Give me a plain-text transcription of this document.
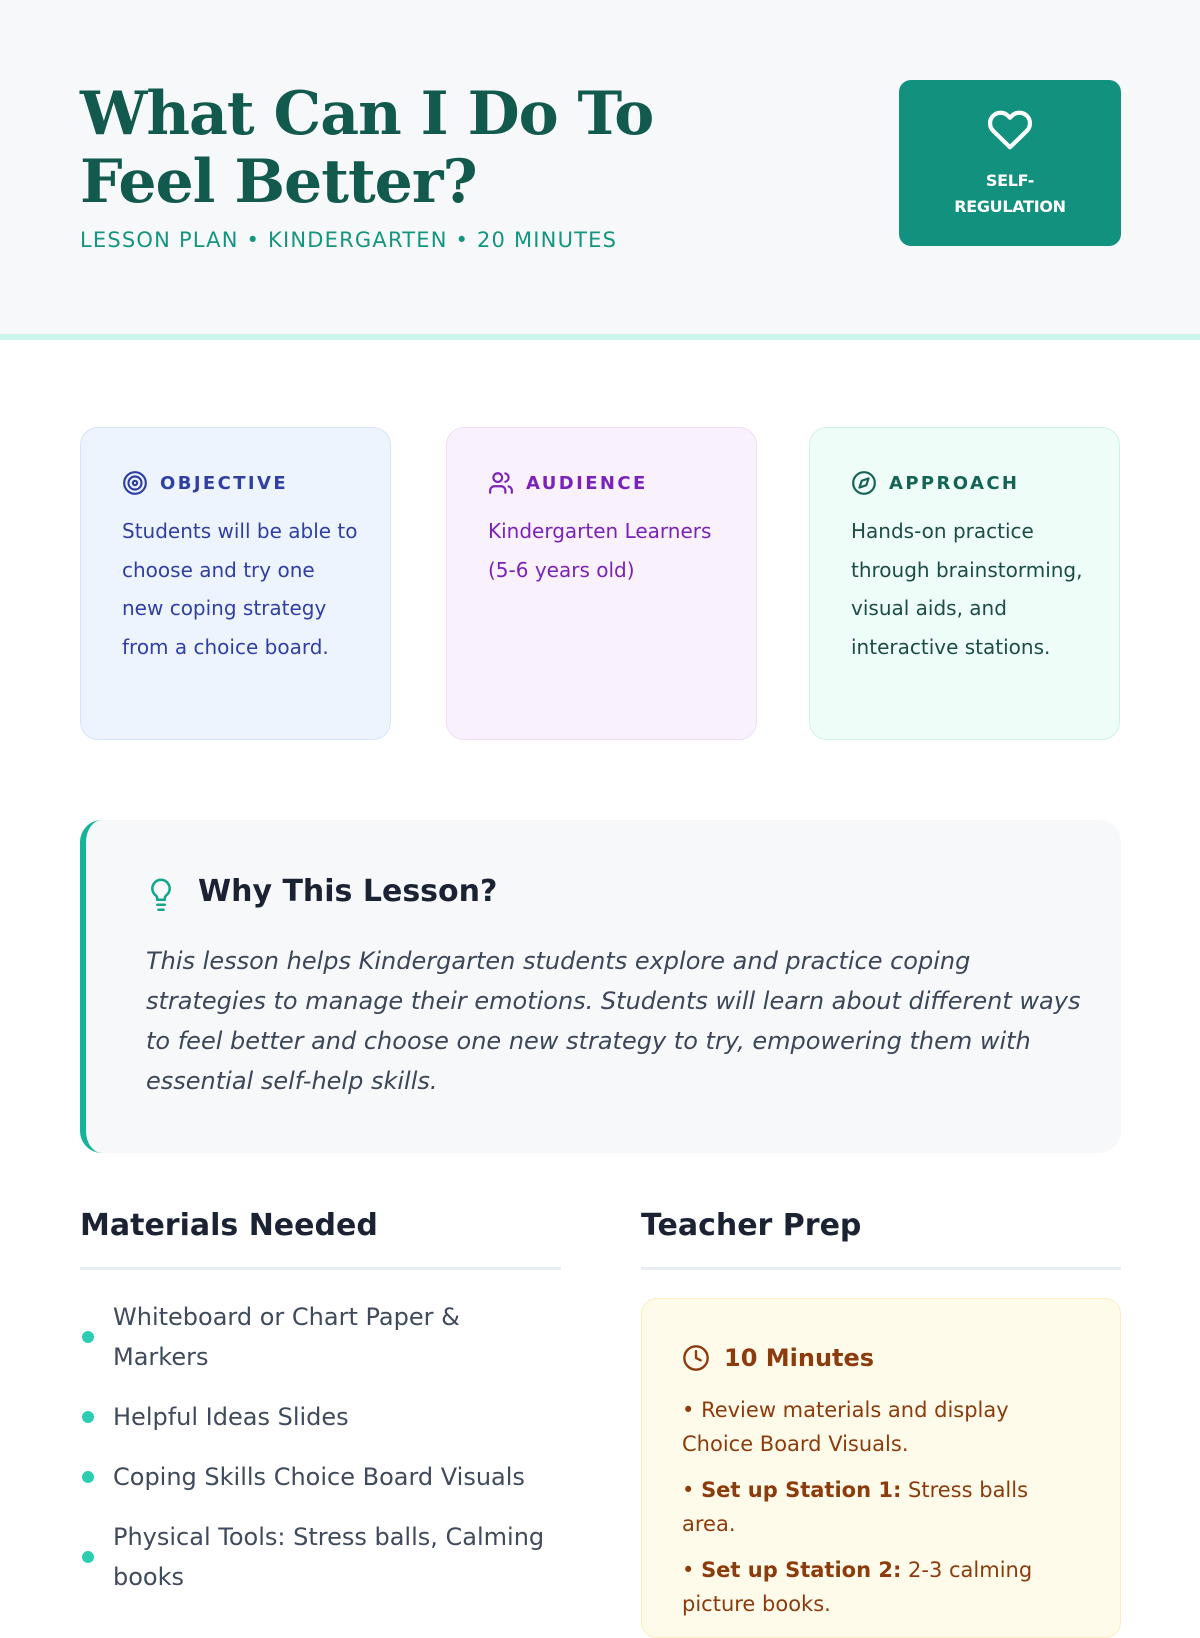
What Can I Do To Feel Better?
LESSON PLAN • KINDERGARTEN • 20 MINUTES
SELF-
REGULATION
OBJECTIVE
Students will be able to choose and try one new coping strategy from a choice board.
AUDIENCE
Kindergarten Learners (5-6 years old)
APPROACH
Hands-on practice through brainstorming, visual aids, and interactive stations.
Why This Lesson?
This lesson helps Kindergarten students explore and practice coping strategies to manage their emotions. Students will learn about different ways to feel better and choose one new strategy to try, empowering them with essential self-help skills.
Materials Needed
Whiteboard or Chart Paper & Markers
Helpful Ideas Slides
Coping Skills Choice Board Visuals
Physical Tools: Stress balls, Calming books
Teacher Prep
10 Minutes
• Review materials and display Choice Board Visuals.
• Set up Station 1: Stress balls area.
• Set up Station 2: 2-3 calming picture books.
